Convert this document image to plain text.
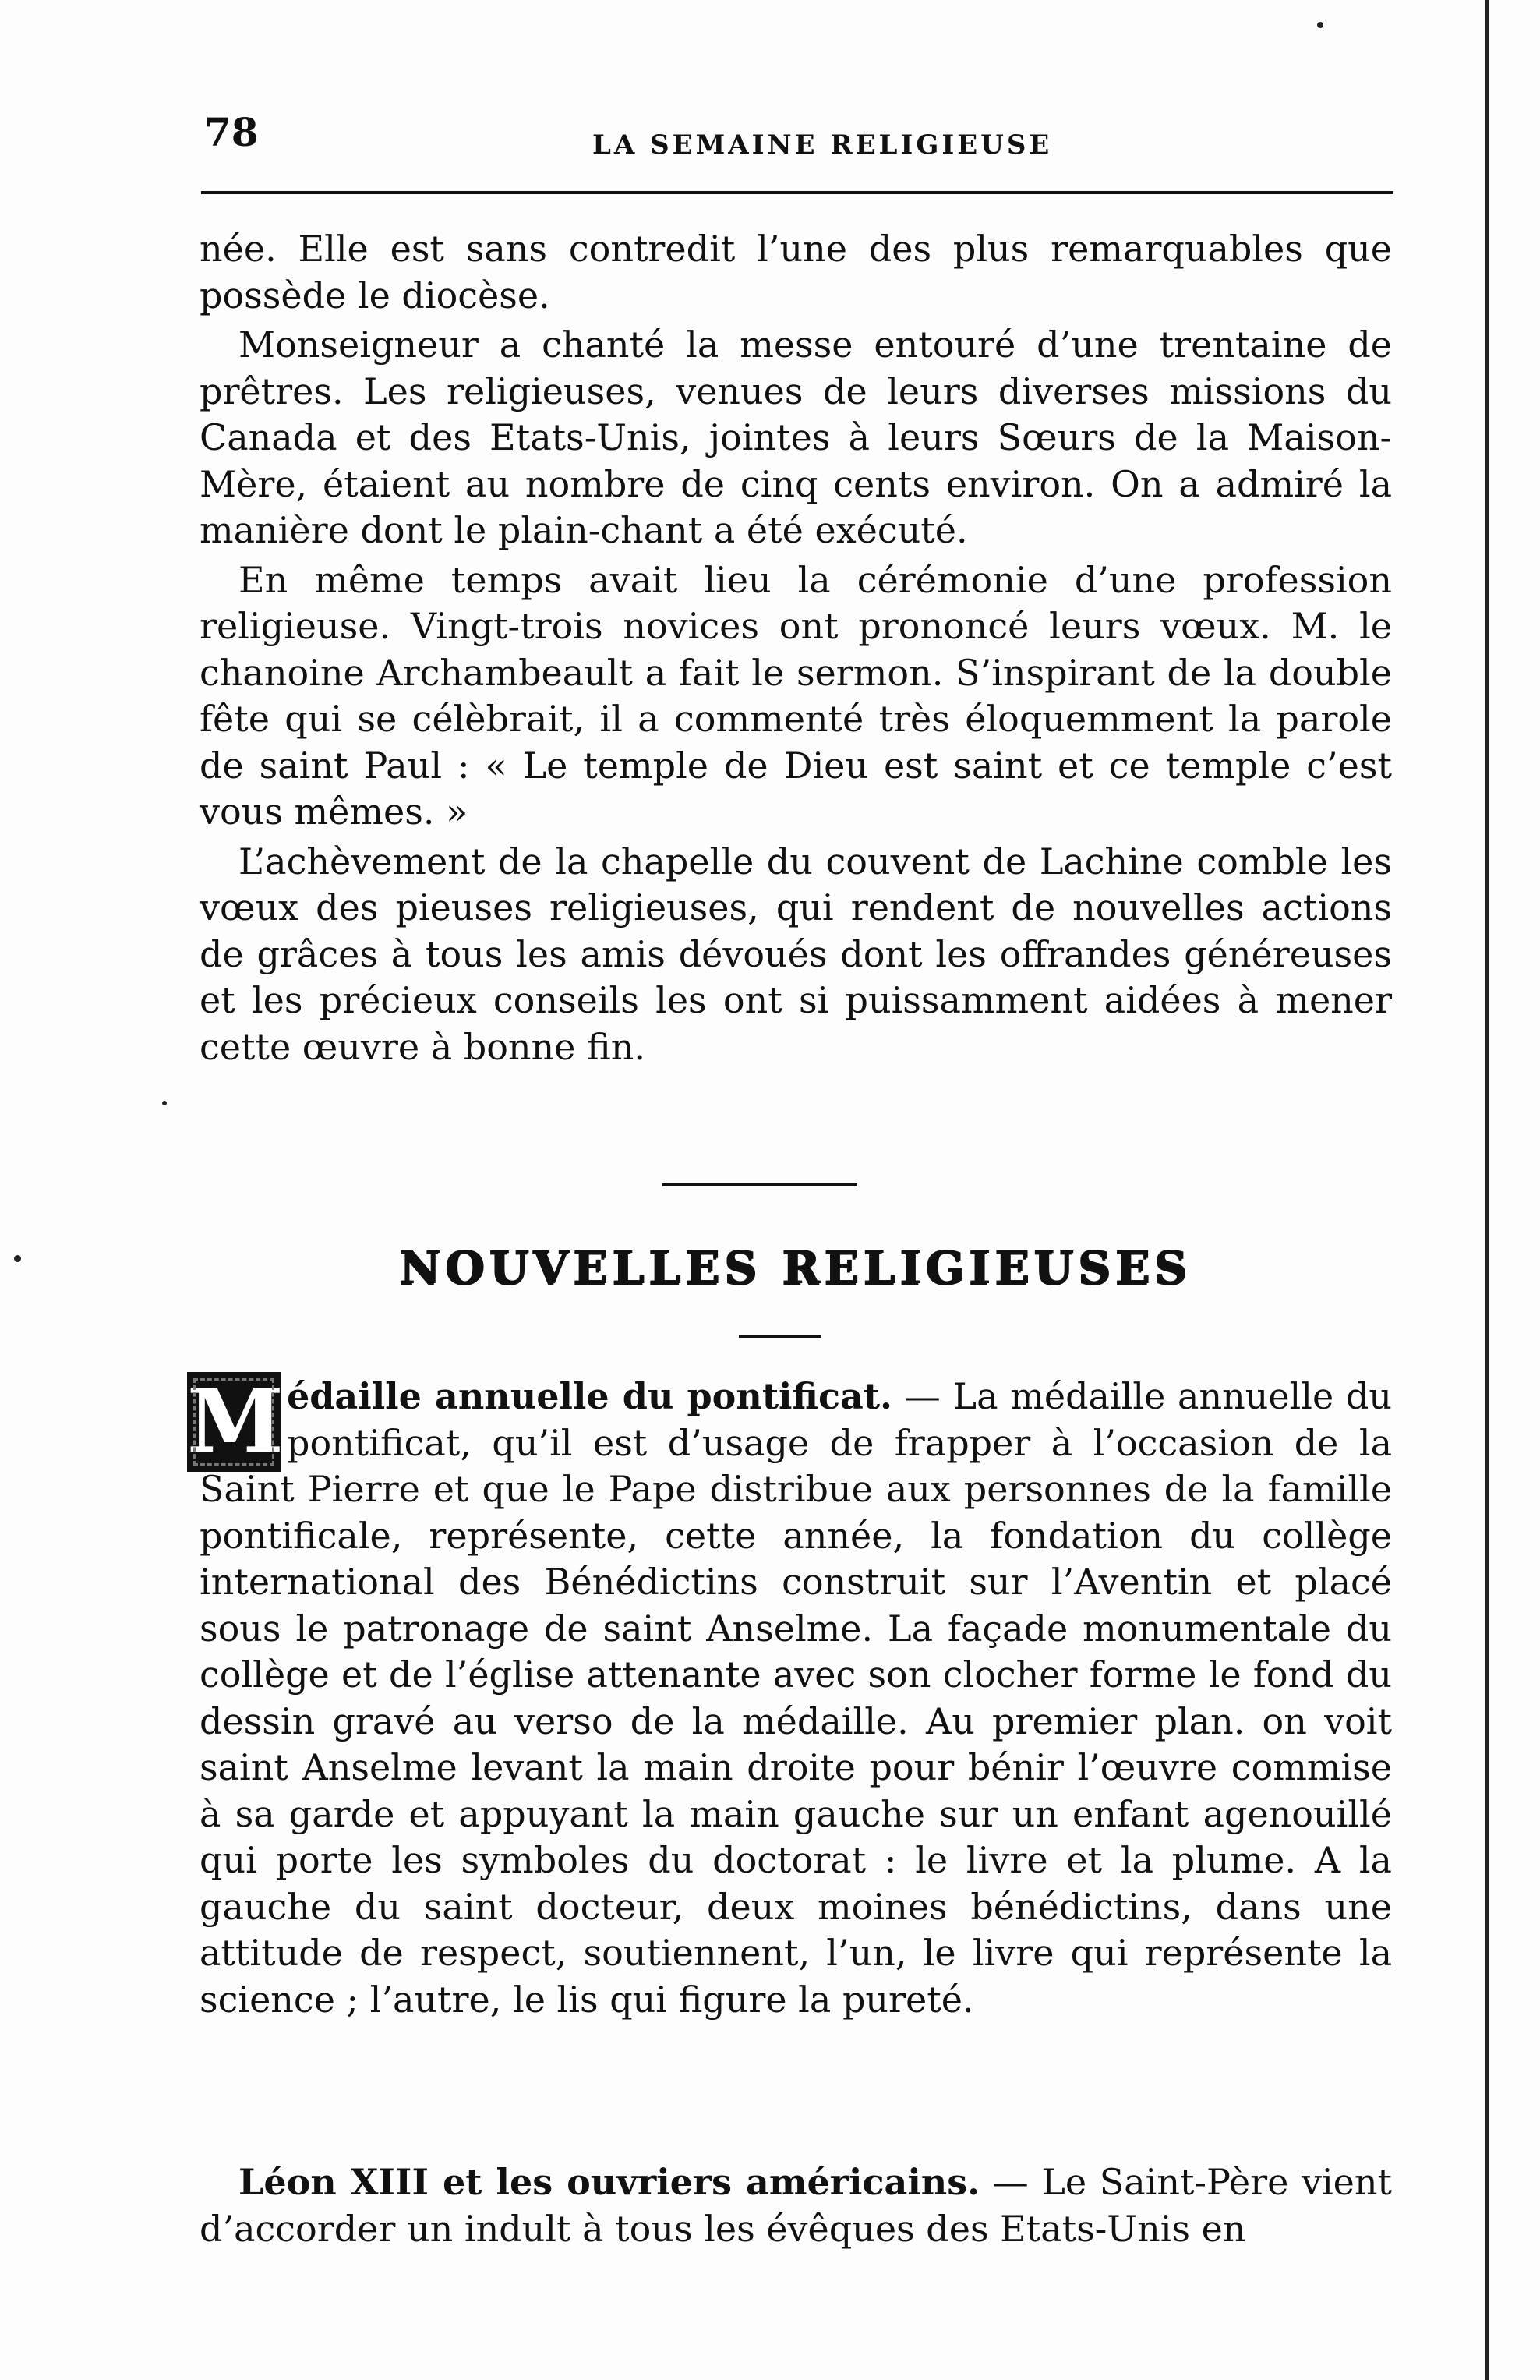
78	LA SEMAINE RELIGIEUSE

née. Elle est sans contredit l’une des plus remarquables que possède le diocèse.

Monseigneur a chanté la messe entouré d’une trentaine de prêtres. Les religieuses, venues de leurs diverses missions du Canada et des Etats-Unis, jointes à leurs Sœurs de la Maison-Mère, étaient au nombre de cinq cents environ. On a admiré la manière dont le plain-chant a été exécuté.

En même temps avait lieu la cérémonie d’une profession religieuse. Vingt-trois novices ont prononcé leurs vœux. M. le chanoine Archambeault a fait le sermon. S’inspirant de la double fête qui se célèbrait, il a commenté très éloquemment la parole de saint Paul : « Le temple de Dieu est saint et ce temple c’est vous mêmes. »

L’achèvement de la chapelle du couvent de Lachine comble les vœux des pieuses religieuses, qui rendent de nouvelles actions de grâces à tous les amis dévoués dont les offrandes généreuses et les précieux conseils les ont si puissamment aidées à mener cette œuvre à bonne fin.

NOUVELLES RELIGIEUSES
M édaille annuelle du pontificat. — La médaille annuelle du pontificat, qu’il est d’usage de frapper à l’occasion de la Saint Pierre et que le Pape distribue aux personnes de la famille pontificale, représente, cette année, la fondation du collège international des Bénédictins construit sur l’Aventin et placé sous le patronage de saint Anselme. La façade monumentale du collège et de l’église attenante avec son clocher forme le fond du dessin gravé au verso de la médaille. Au premier plan. on voit saint Anselme levant la main droite pour bénir l’œuvre commise à sa garde et appuyant la main gauche sur un enfant agenouillé qui porte les symboles du doctorat : le livre et la plume. A la gauche du saint docteur, deux moines bénédictins, dans une attitude de respect, soutiennent, l’un, le livre qui représente la science ; l’autre, le lis qui figure la pureté.

Léon XIII et les ouvriers américains. — Le Saint-Père vient d’accorder un indult à tous les évêques des Etats-Unis en
